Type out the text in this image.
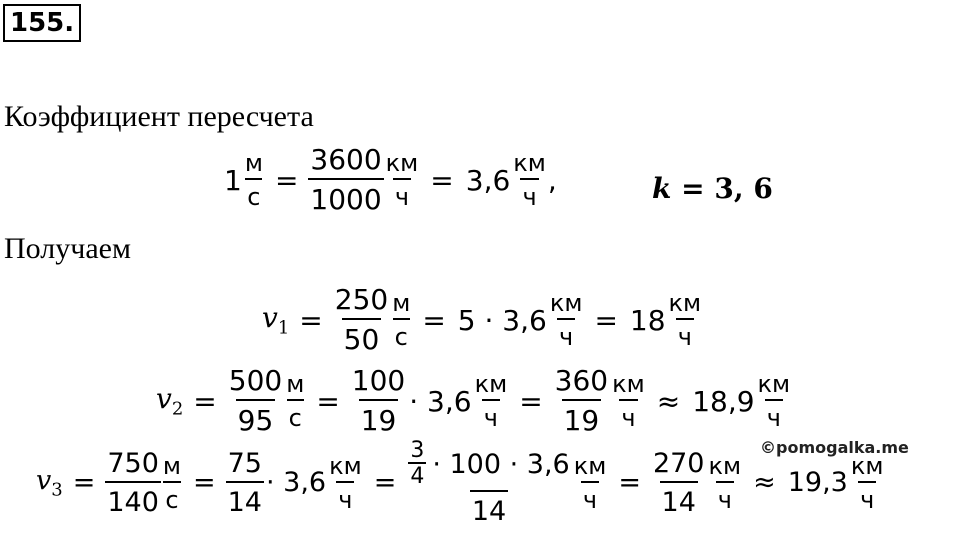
155.
Коэффициент пересчета
$1 \frac{м}{с} = \frac{3600}{1000} \frac{км}{ч} = 3,6 \frac{км}{ч}$ ,	k = 3, 6
Получаем
$v_1 = \frac{250}{50} \frac{м}{с} = 5 \cdot 3,6 \frac{км}{ч} = 18 \frac{км}{ч}$
$v_2 = \frac{500}{95} \frac{м}{с} = \frac{100}{19} \cdot 3,6 \frac{км}{ч} = \frac{360}{19} \frac{км}{ч} \approx 18,9 \frac{км}{ч}$
©pomogalka.me
$v_3 = \frac{750}{140} \frac{м}{с} = \frac{75}{14} \cdot 3,6 \frac{км}{ч} = \frac{\frac{3}{4} \cdot 100 \cdot 3,6}{14} \frac{км}{ч} = \frac{270}{14} \frac{км}{ч} \approx 19,3 \frac{км}{ч}$
